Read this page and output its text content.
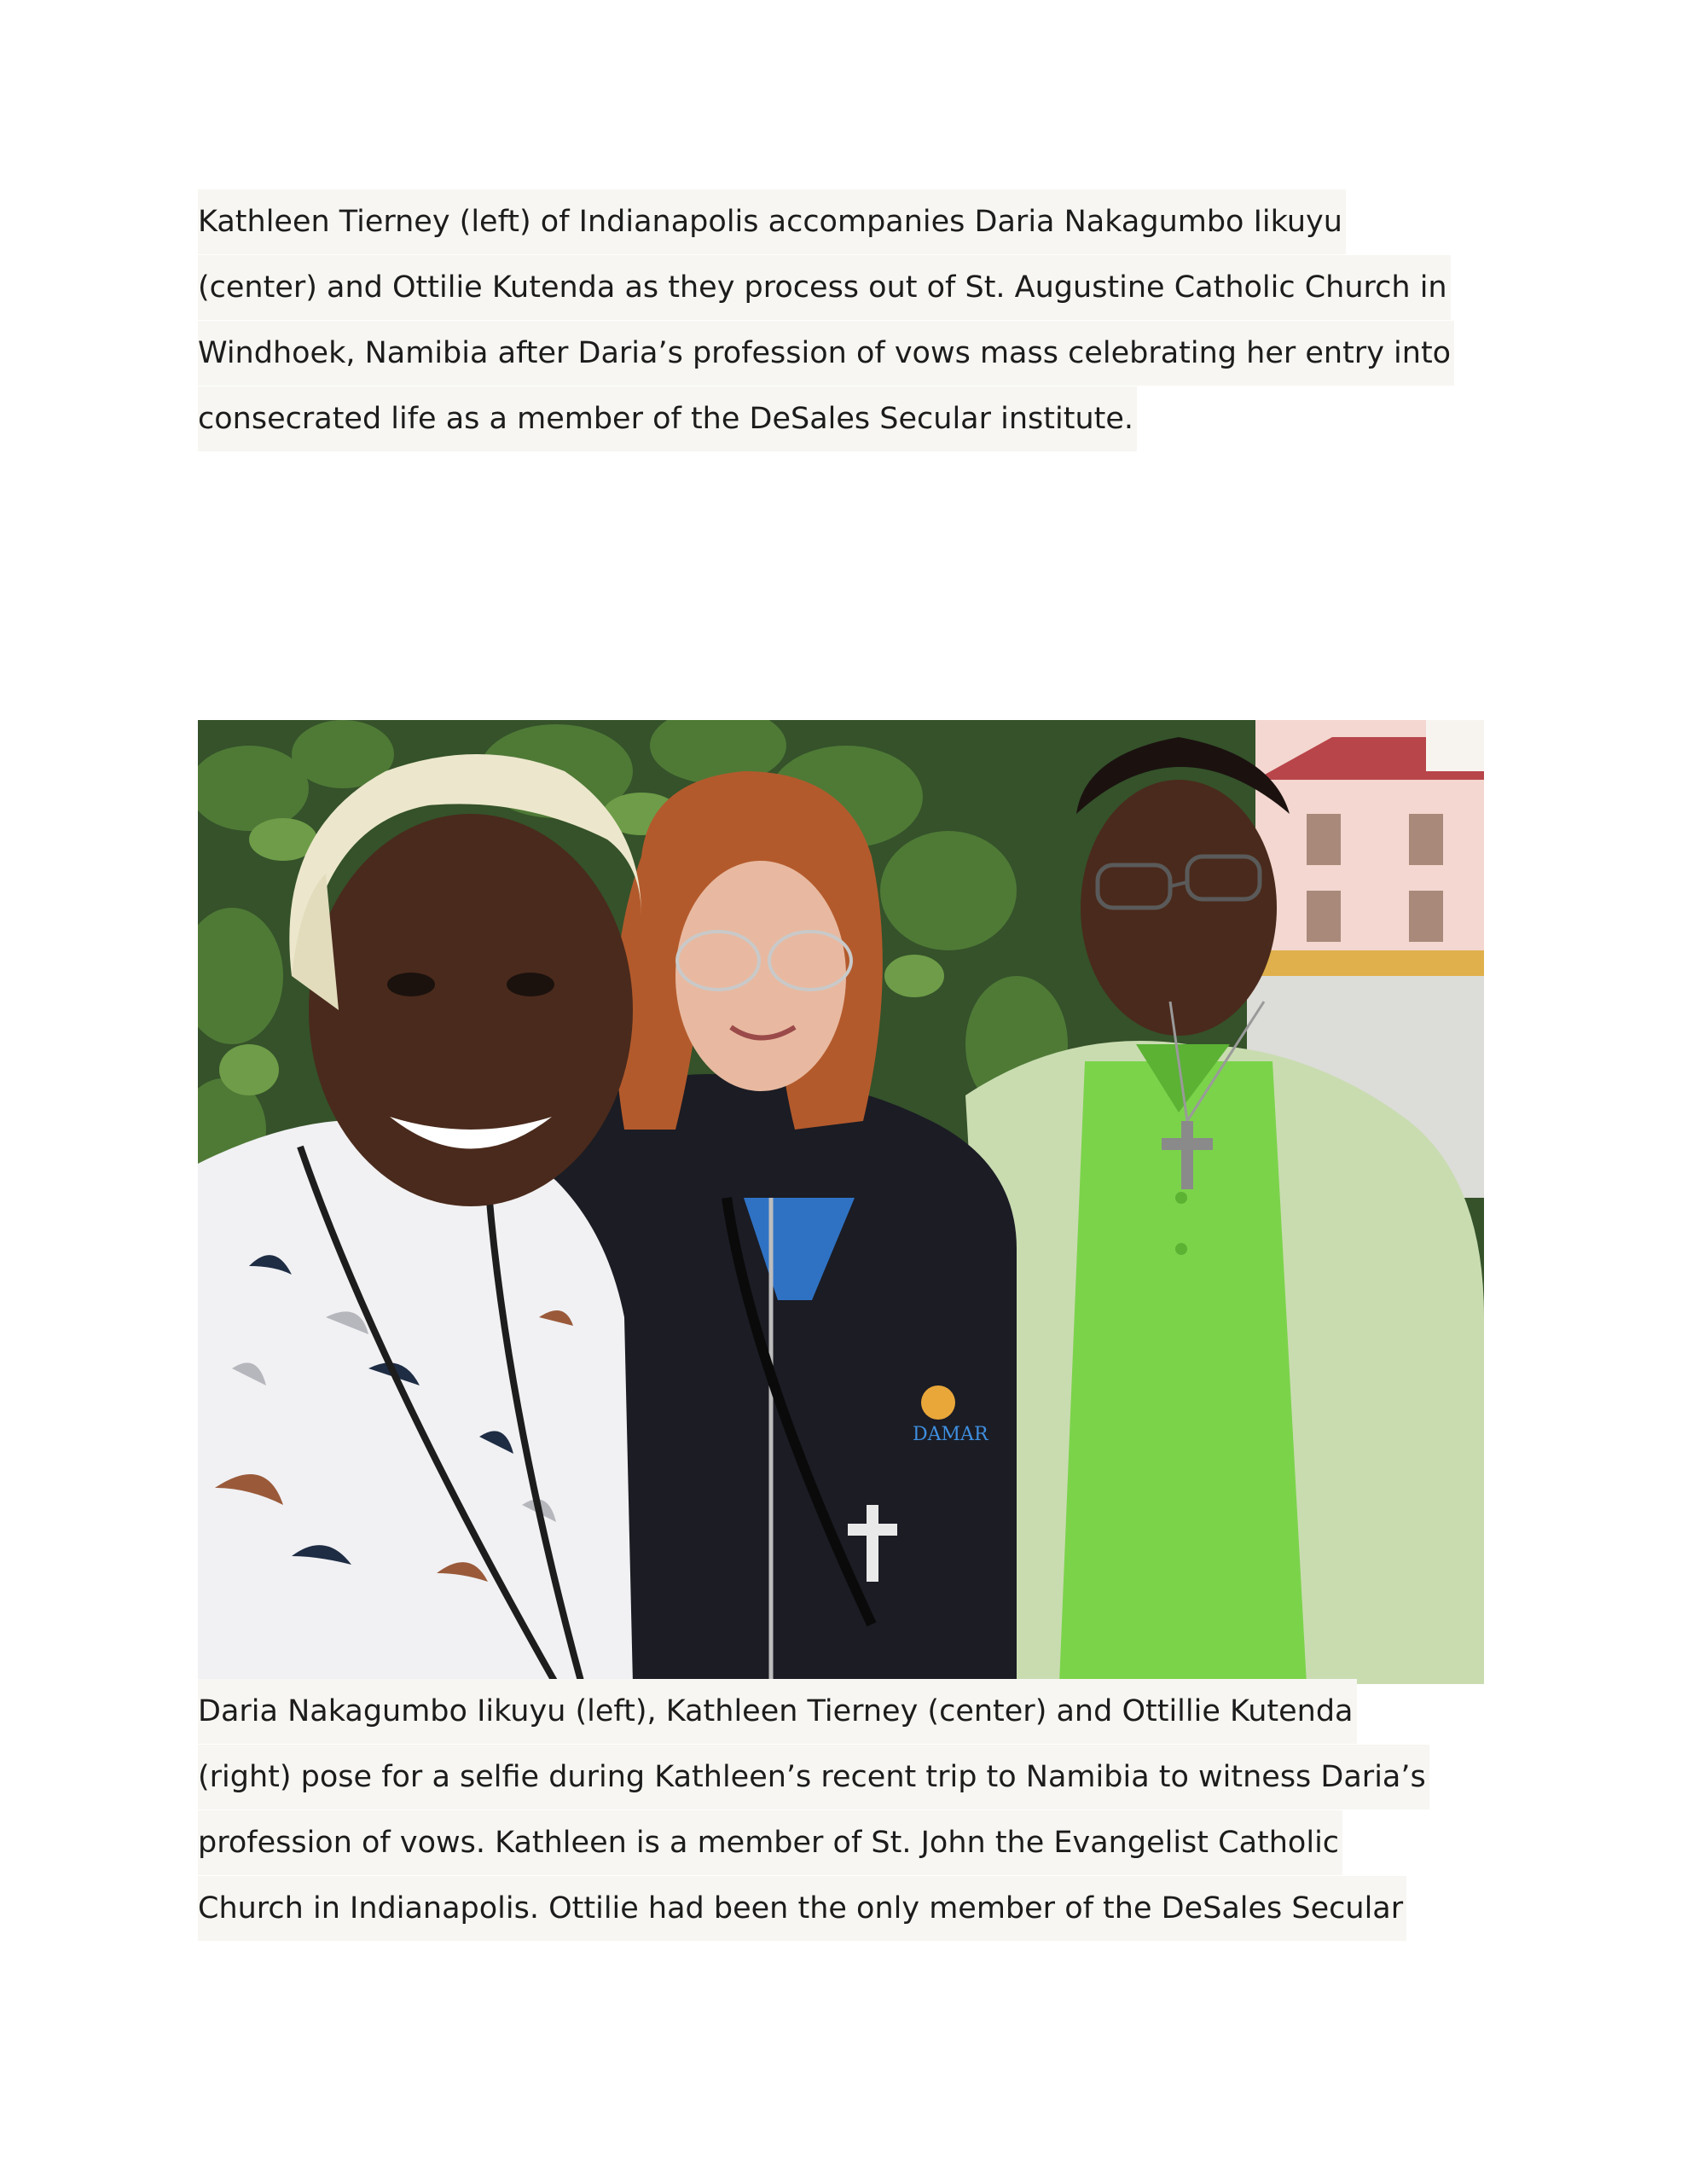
Kathleen Tierney (left) of Indianapolis accompanies Daria Nakagumbo Iikuyu
(center) and Ottilie Kutenda as they process out of St. Augustine Catholic Church in
Windhoek, Namibia after Daria’s profession of vows mass celebrating her entry into
consecrated life as a member of the DeSales Secular institute.
DAMAR
Daria Nakagumbo Iikuyu (left), Kathleen Tierney (center) and Ottillie Kutenda
(right) pose for a selfie during Kathleen’s recent trip to Namibia to witness Daria’s
profession of vows. Kathleen is a member of St. John the Evangelist Catholic
Church in Indianapolis. Ottilie had been the only member of the DeSales Secular
